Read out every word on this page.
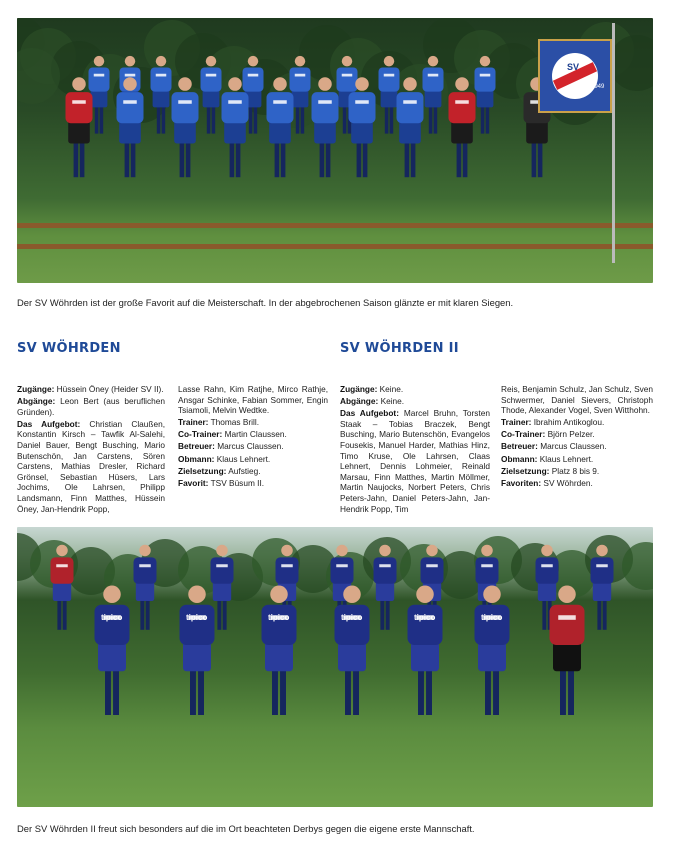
SV
1949
Der SV Wöhrden ist der große Favorit auf die Meisterschaft. In der abgebrochenen Saison glänzte er mit klaren Siegen.
SV WÖHRDEN	SV WÖHRDEN II

Zugänge: Hüssein Öney (Heider SV II).

Abgänge: Leon Bert (aus beruflichen Gründen).

Das Aufgebot: Christian Claußen, Konstantin Kirsch – Tawfik Al-Salehi, Daniel Bauer, Bengt Busching, Mario Butenschön, Jan Carstens, Sören Carstens, Mathias Dresler, Richard Grönsel, Sebastian Hüsers, Lars Jochims, Ole Lahrsen, Philipp Landsmann, Finn Matthes, Hüssein Öney, Jan-Hendrik Popp,

Lasse Rahn, Kim Ratjhe, Mirco Rathje, Ansgar Schinke, Fabian Sommer, Engin Tsiamoli, Melvin Wedtke.

Trainer: Thomas Brill.

Co-Trainer: Martin Claussen.

Betreuer: Marcus Claussen.

Obmann: Klaus Lehnert.

Zielsetzung: Aufstieg.

Favorit: TSV Büsum II.

Zugänge: Keine.

Abgänge: Keine.

Das Aufgebot: Marcel Bruhn, Torsten Staak – Tobias Braczek, Bengt Busching, Mario Butenschön, Evangelos Fousekis, Manuel Harder, Mathias Hinz, Timo Kruse, Ole Lahrsen, Claas Lehnert, Dennis Lohmeier, Reinald Marsau, Finn Matthes, Martin Möllmer, Martin Naujocks, Norbert Peters, Chris Peters-Jahn, Daniel Peters-Jahn, Jan-Hendrik Popp, Tim

Reis, Benjamin Schulz, Jan Schulz, Sven Schwermer, Daniel Sievers, Christoph Thode, Alexander Vogel, Sven Witthohn.

Trainer: Ibrahim Antikoglou.

Co-Trainer: Björn Pelzer.

Betreuer: Marcus Claussen.

Obmann: Klaus Lehnert.

Zielsetzung: Platz 8 bis 9.

Favoriten: SV Wöhrden.

tipico	tipico	tipico	tipico	tipico	tipico
Der SV Wöhrden II freut sich besonders auf die im Ort beachteten Derbys gegen die eigene erste Mannschaft.
